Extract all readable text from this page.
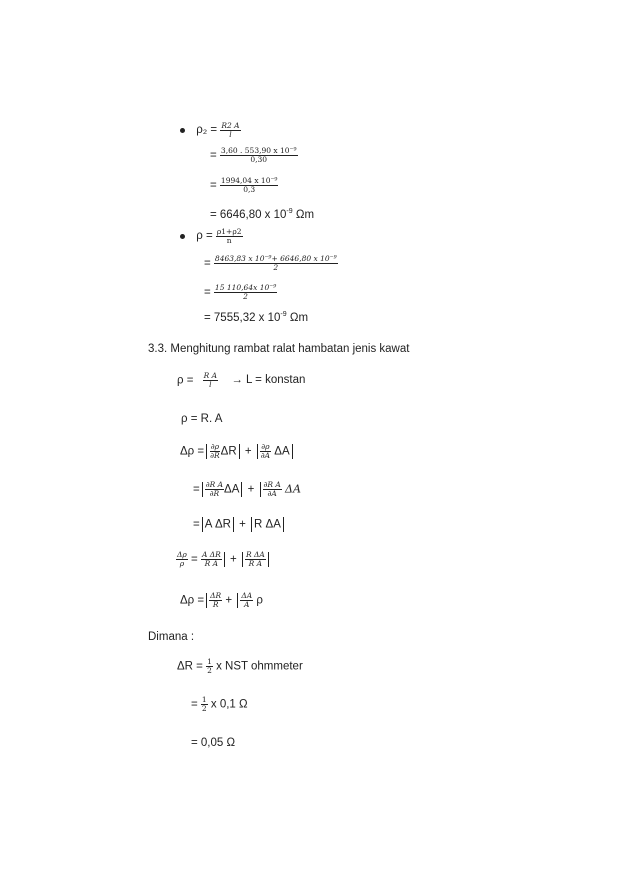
$\rho_2 = \frac{R2 A}{l}$
= $\frac{\text{3,60 . 553,90 x 10⁻⁹}}{0,30}$
= $\frac{\text{1994,04 x 10⁻⁹}}{0,3}$
= 6646,80 x $10^{-9}$ Ωm
$\rho = \frac{\rho 1+\rho 2}{n}$
= $\frac{\text{8463,83 x 10⁻⁹+ 6646,80 x 10⁻⁹}}{2}$
= $\frac{\text{15 110,64x 10⁻⁹}}{2}$
= 7555,32 x $10^{-9}$ Ωm
3.3. Menghitung rambat ralat hambatan jenis kawat
$\rho = \frac{\text{R A}}{l} \to L$ = konstan
ρ = R. A
$\Delta\rho = \frac{\partial\rho}{\partial R}$ $\Delta R + \frac{\partial\rho}{\partial A}$ ΔA
= $\frac{\text{∂R A}}{\partial R}$ $\Delta A + \frac{\text{∂R A}}{\partial A}$ ΔA
= A ΔR + R ΔA
$\frac{\Delta\rho}{\rho} = \frac{\text{A ΔR}}{\text{R A}} + \frac{\text{R ΔA}}{\text{R A}}$
$\Delta\rho = \frac{\Delta R}{R} + \frac{\Delta A}{A}$ ρ
Dimana :
$\Delta R = \frac{1}{2}$ x NST ohmmeter
= $\frac{1}{2}$ x 0,1 Ω
= 0,05 Ω
